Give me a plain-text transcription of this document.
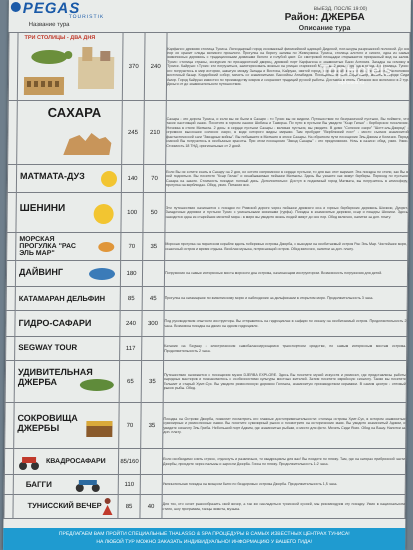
PEGAS
TOURISTIK
ВЫЕЗД, ПОСЛЕ 19:00)
Район: ДЖЕРБА
Название тура	Описание тура

	ТРИ СТОЛИЦЫ - ДВА ДНЯ	370	240	Карфаген: древняя столица Туниса. Легендарный город основанный финикийской царицей Дидоной, пол-шкуры разрезанной полоской. До сих пор он хранит следы великого прошлого. Прогулка на берегу залива по Жемчужина Туниса, столица алотого и синего, одна из самых живописных деревень с традиционными домиками белого и голубой цвет. Со смотровой площадки открывается прекрасный вид на залив. Тунис: столица страны, экскурсия по президентский дворец, древний порт Карфагена и знаменитые Бани Антония. Загадка на ночевку в Тунисе. Кайруан: г.Тунис: его погрузиться, заинтересовать жизнью на улицах старинной Медины. 2 день: переезд в город, 4-я столица. Тунис: его погрузитесь в мир истории, зажатую между Запада и Востока, Кайруан, святой город, первая арабская столица, поблизости расположен восточный базар. Кордобский собор, мечеть со знаменитыми. Бассейны Аглабидов. Посещение мечети Сиди Амор, мечеть в городе Сиди Амор. Город Кайруан известен по производству ковров и сохраняет традиций ручной работы. Доставка в отель. Питание все включено в 2 тур. Деньги от до знаменательного путешествия.

	САХАРА	245	210	Сахара - это дорога Туниса, и если вы не были в Сахаре - то Тунис вы не видели. Путешествие по безграничной пустыне, Вы поймете, что такое настоящий оазис. Посетите в горном оазисе Шебика и Тамерза. По пути в пустыни Вы увидите "Ксар Гилан" - берберское поселение. Ночевка в отеле Матмата. 2 день: в сердце пустыни Сахары - великая пустыня, вы увидите. В доме "Соленое озеро" "Шотт-эль-Джерид" - огромное высохшее соленое озеро, в воде которого видны миражи. Там пробудят "Верблюжий пост" - место съемок знаменитой фантастической саги "Звездные войны". Вы побываете в Матмате в эпохе Сахары. На обратном пути посещение Эль-Джема и Колизея. Перед сменой Вы погрузитесь в необычные красоты. При этом посещение "Звезд Сахары" - это предложение. Ночь в оазисе: обед, ужин. Ужин. Стоимость 18 ТНД, оригинальные от 2 дней.

	МАТМАТА-ДУЗ	140	70	Если Вы не хотите ехать в Сахару на 2 дня, но хотите непременно в сердце пустыни, то для вас этот вариант. Эта поездка по степи, как Вы в ней подняться. Вы посетите "Ксар Гилан" и незабываемые пейзажи Матматы. Здесь Вы узнаете как живут берберы. Переход по пустыне Сахара на закате. Стоимость поездки: полный день. Дополнительно: Доступ в подземный город Матмата, вы погрузитесь в атмосферу, прогулка на верблюдах. Обед, ужин. Питание все.

	ШЕНИНИ	100	50	Это путешествие начинается с поездки по Римской дороге через пейзажи древнего юга и горных берберских деревень Шенини, Дуирет. Загадочные деревни и пустыни Тунис с уникальными хижинами (гурфа). Поездка в знаменитые деревни, ксар и пещеры Шенини. Здесь находится одна из старейших мечетей мира - в мире вы увидите жизнь людей живут до сих пор. Обед включен, напитки за доп. плату.

	МОРСКАЯ ПРОГУЛКА "РАС ЭЛЬ МАР"	70	35	Морская прогулка на пиратском корабле вдоль побережья острова Джерба, с выходом на необитаемый остров Рас Эль Мар. Чистейшее море, сказочный остров и время отдыха. Весёлая музыка, потрясающий остров. Обед включен, напитки за доп. плату.

	ДАЙВИНГ	180		Погружение на самые интересные места морского дна острова, начинающим инструктором. Возможность погружения для детей.

	КАТАМАРАН ДЕЛЬФИН	85	45	Прогулка на катамаране по живописному морю и наблюдение за дельфинами в открытом море. Продолжительность 3 часа.

	ГИДРО-САФАРИ	240	300	Под руководством опытного инструктора. Вы отправитесь на гидроциклах в сафари по океану на необитаемый остров. Продолжительность 2 часа. Возможна поездка на двоих на одном гидроцикле.

	SEGWAY TOUR	117		Катание на Segway - электрическом самобалансирующемся транспортном средстве, по самым интересным местам острова. Продолжительность 2 часа.

	УДИВИТЕЛЬНАЯ ДЖЕРБА	65	35	Путешествие начинается с посещения музея DJERBA EXPLORE. Здесь Вы посетите музей искусств и ремесел, где представлены работы народных мастеров и познакомитесь с особенностями культуры местных жителей. Затем посетите еврейскую синагогу. Также вы посетите Гельмит и старый Хумт-Сук. Вы увидите ремесленную деревню Геллала, знаменитую производством керамики. В самом центре - оптовый рынок рыбы. Обед.

	СОКРОВИЩА ДЖЕРБЫ	70	35	Поездка на Острове Джерба, позволит посмотреть его главные достопримечательности: столица острова Хумт-Сук, в котором знаменитые сувенирные и ремесленные лавки. Вы посетите сувенирный рынок и посмотрите на исторические маяк. Вы увидите знаменитый Аджим, и увидите синагогу Эль Гриба. Небольшой порт Аджим, где знаменитые рыбаки, и место для фото. Мечеть Сиди Ясин. Обед на Вашу. Напитки за доп. плату.

	КВАДРОСАФАРИ	85/160		Если необходимо снять стресс, отдохнуть и развлечься, то квадроциклы для вас! Вы поедете по пляжу. Там, где на катерах прибрежной части Джербы, проедете через пальмы и заросли Джерба. Гонка по пляжу. Продолжительность 1-2 часа.

	БАГГИ	110		Увлекательная поездка на мощном багги по бездорожью острова Джерба. Продолжительность 1,5 часа.

	ТУНИССКИЙ ВЕЧЕР	85	40	Для тех, кто хочет разнообразить свой вечер, а так же насладиться тунисской кухней, мы рекомендуем эту поездку. Ужин в национальном стиле, шоу программа, танцы живота, музыка.
ПРЕДЛАГАЕМ ВАМ ПРОЙТИ СПЕЦИАЛЬНЫЕ THALASSO & SPA ПРОЦЕДУРЫ В САМЫХ ИЗВЕСТНЫХ ЦЕНТРАХ ТУНИСА!
НА ЛЮБОЙ ТУР МОЖНО ЗАКАЗАТЬ ИНДИВИДУАЛЬНО! ИНФОРМАЦИЮ У ВАШЕГО ГИДА!
TopHotels
tophotels.ru
